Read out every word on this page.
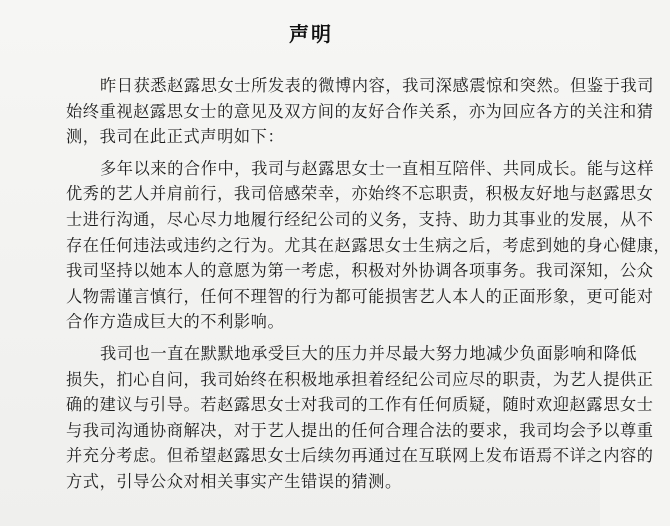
声明
昨日获悉赵露思女士所发表的微博内容，我司深感震惊和突然。但鉴于我司
始终重视赵露思女士的意见及双方间的友好合作关系，亦为回应各方的关注和猜
测，我司在此正式声明如下：
多年以来的合作中，我司与赵露思女士一直相互陪伴、共同成长。能与这样
优秀的艺人并肩前行，我司倍感荣幸，亦始终不忘职责，积极友好地与赵露思女
士进行沟通，尽心尽力地履行经纪公司的义务，支持、助力其事业的发展，从不
存在任何违法或违约之行为。尤其在赵露思女士生病之后，考虑到她的身心健康，
我司坚持以她本人的意愿为第一考虑，积极对外协调各项事务。我司深知，公众
人物需谨言慎行，任何不理智的行为都可能损害艺人本人的正面形象，更可能对
合作方造成巨大的不利影响。
我司也一直在默默地承受巨大的压力并尽最大努力地减少负面影响和降低
损失，扪心自问，我司始终在积极地承担着经纪公司应尽的职责，为艺人提供正
确的建议与引导。若赵露思女士对我司的工作有任何质疑，随时欢迎赵露思女士
与我司沟通协商解决，对于艺人提出的任何合理合法的要求，我司均会予以尊重
并充分考虑。但希望赵露思女士后续勿再通过在互联网上发布语焉不详之内容的
方式，引导公众对相关事实产生错误的猜测。
